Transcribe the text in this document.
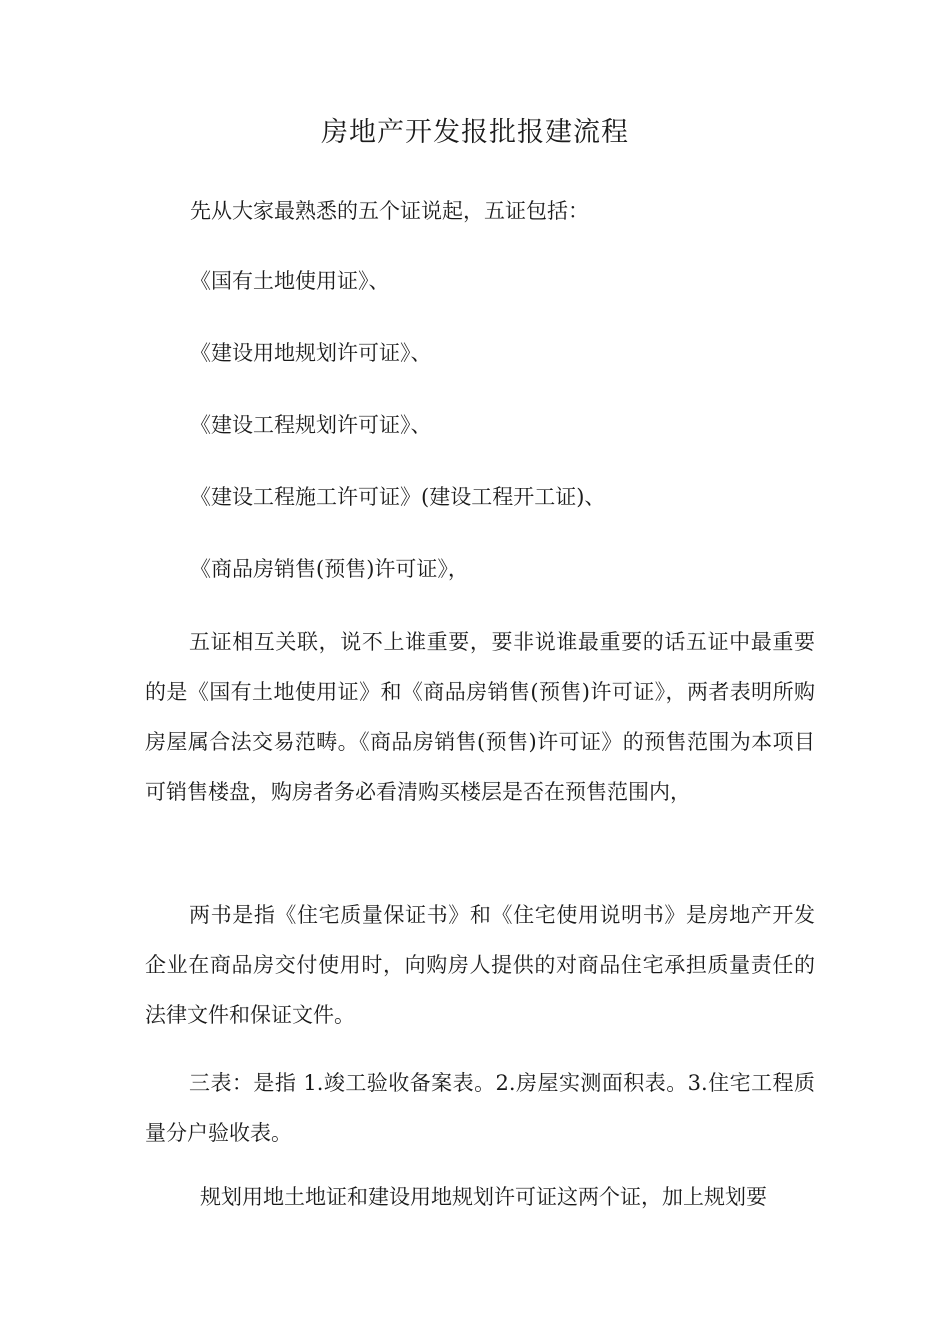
房地产开发报批报建流程

先从大家最熟悉的五个证说起，五证包括：

《国有土地使用证》、

《建设用地规划许可证》、

《建设工程规划许可证》、

《建设工程施工许可证》(建设工程开工证)、

《商品房销售(预售)许可证》，

五证相互关联，说不上谁重要，要非说谁最重要的话五证中最重要的是《国有土地使用证》和《商品房销售(预售)许可证》，两者表明所购房屋属合法交易范畴。《商品房销售(预售)许可证》的预售范围为本项目可销售楼盘，购房者务必看清购买楼层是否在预售范围内，

两书是指《住宅质量保证书》和《住宅使用说明书》是房地产开发企业在商品房交付使用时，向购房人提供的对商品住宅承担质量责任的法律文件和保证文件。

三表：是指 1.竣工验收备案表。2.房屋实测面积表。3.住宅工程质量分户验收表。

规划用地土地证和建设用地规划许可证这两个证，加上规划要
